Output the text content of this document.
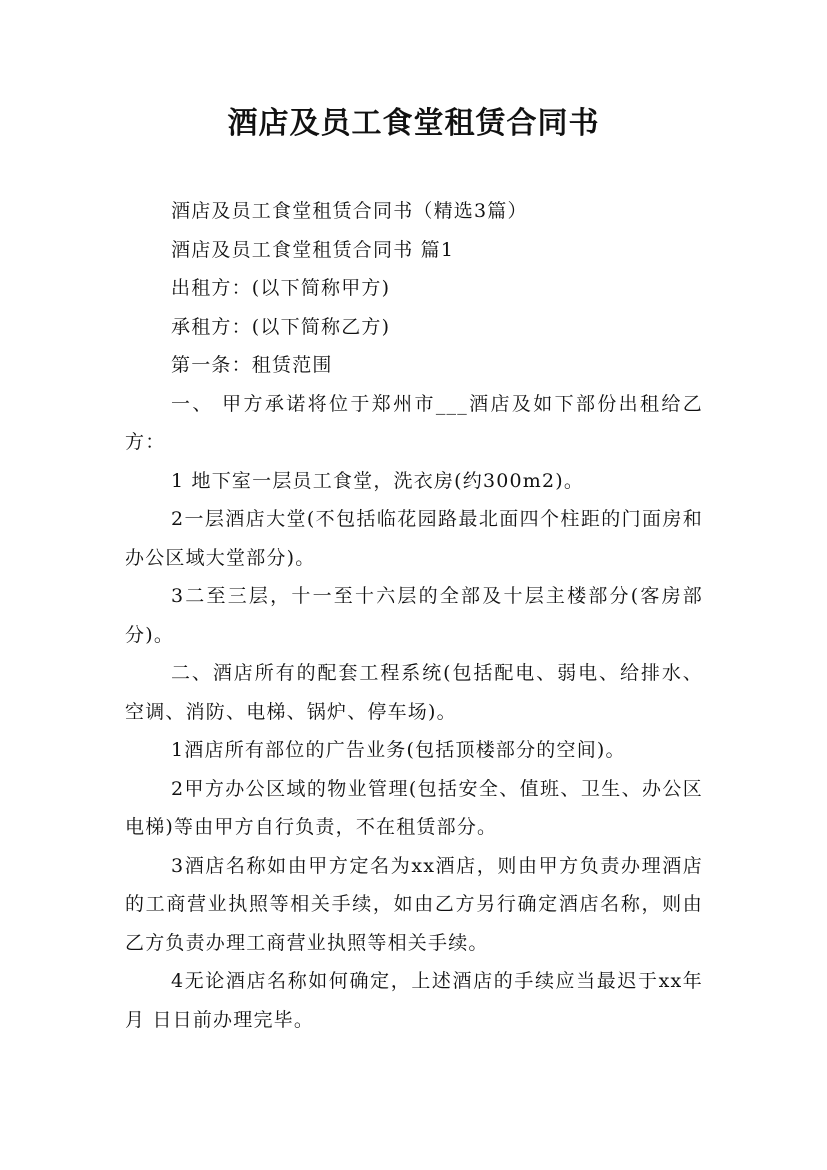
酒店及员工食堂租赁合同书

酒店及员工食堂租赁合同书（精选3篇）

酒店及员工食堂租赁合同书 篇1

出租方：(以下简称甲方)

承租方：(以下简称乙方)

第一条：租赁范围

一、 甲方承诺将位于郑州市___酒店及如下部份出租给乙方：

1 地下室一层员工食堂，洗衣房(约300m2)。

2一层酒店大堂(不包括临花园路最北面四个柱距的门面房和办公区域大堂部分)。

3二至三层，十一至十六层的全部及十层主楼部分(客房部分)。

二、酒店所有的配套工程系统(包括配电、弱电、给排水、空调、消防、电梯、锅炉、停车场)。

1酒店所有部位的广告业务(包括顶楼部分的空间)。

2甲方办公区域的物业管理(包括安全、值班、卫生、办公区电梯)等由甲方自行负责，不在租赁部分。

3酒店名称如由甲方定名为xx酒店，则由甲方负责办理酒店的工商营业执照等相关手续，如由乙方另行确定酒店名称，则由乙方负责办理工商营业执照等相关手续。

4无论酒店名称如何确定，上述酒店的手续应当最迟于xx年 月 日日前办理完毕。
